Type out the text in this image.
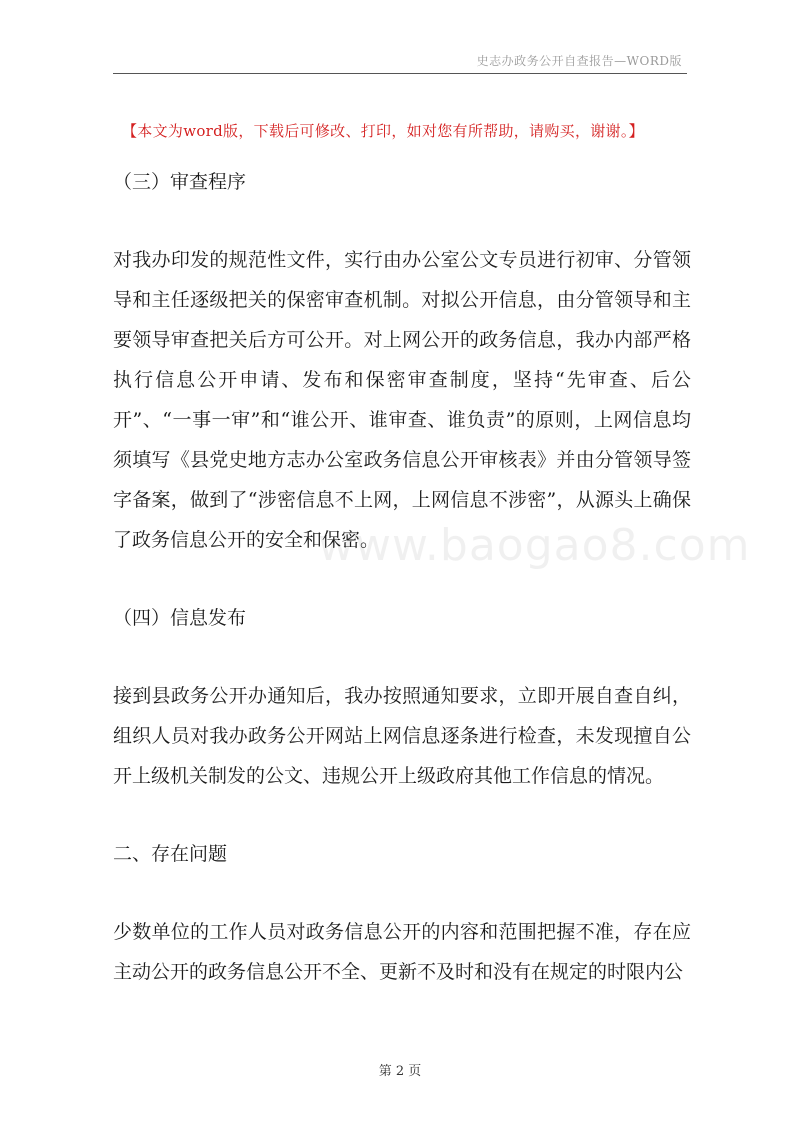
史志办政务公开自查报告—WORD版
【本文为word版，下载后可修改、打印，如对您有所帮助，请购买，谢谢。】

（三）审查程序

对我办印发的规范性文件，实行由办公室公文专员进行初审、分管领导和主任逐级把关的保密审查机制。对拟公开信息，由分管领导和主要领导审查把关后方可公开。对上网公开的政务信息，我办内部严格执行信息公开申请、发布和保密审查制度，坚持“先审查、后公开”、“一事一审”和“谁公开、谁审查、谁负责”的原则，上网信息均须填写《县党史地方志办公室政务信息公开审核表》并由分管领导签字备案，做到了“涉密信息不上网，上网信息不涉密”，从源头上确保了政务信息公开的安全和保密。

（四）信息发布

接到县政务公开办通知后，我办按照通知要求，立即开展自查自纠，组织人员对我办政务公开网站上网信息逐条进行检查，未发现擅自公开上级机关制发的公文、违规公开上级政府其他工作信息的情况。

二、存在问题

少数单位的工作人员对政务信息公开的内容和范围把握不准，存在应主动公开的政务信息公开不全、更新不及时和没有在规定的时限内公

www.baogao8.com
第 2 页
